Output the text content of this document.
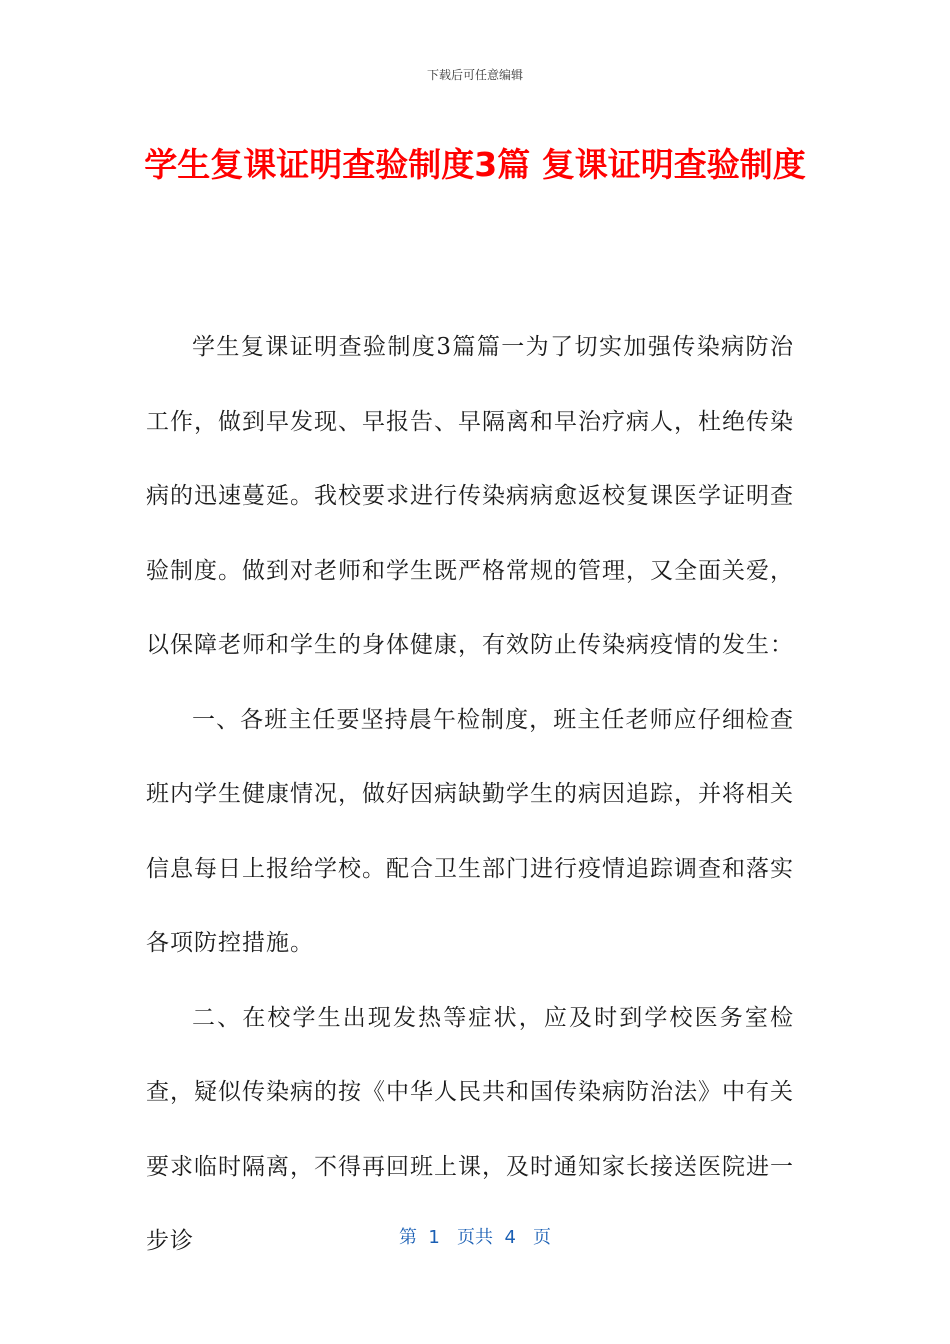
下载后可任意编辑
学生复课证明查验制度3篇 复课证明查验制度

学生复课证明查验制度3篇篇一为了切实加强传染病防治工作，做到早发现、早报告、早隔离和早治疗病人，杜绝传染病的迅速蔓延。我校要求进行传染病病愈返校复课医学证明查验制度。做到对老师和学生既严格常规的管理，又全面关爱，以保障老师和学生的身体健康，有效防止传染病疫情的发生：

一、各班主任要坚持晨午检制度，班主任老师应仔细检查班内学生健康情况，做好因病缺勤学生的病因追踪，并将相关信息每日上报给学校。配合卫生部门进行疫情追踪调查和落实各项防控措施。

二、在校学生出现发热等症状，应及时到学校医务室检查，疑似传染病的按《中华人民共和国传染病防治法》中有关要求临时隔离，不得再回班上课，及时通知家长接送医院进一步诊	第  1   页共  4   页
